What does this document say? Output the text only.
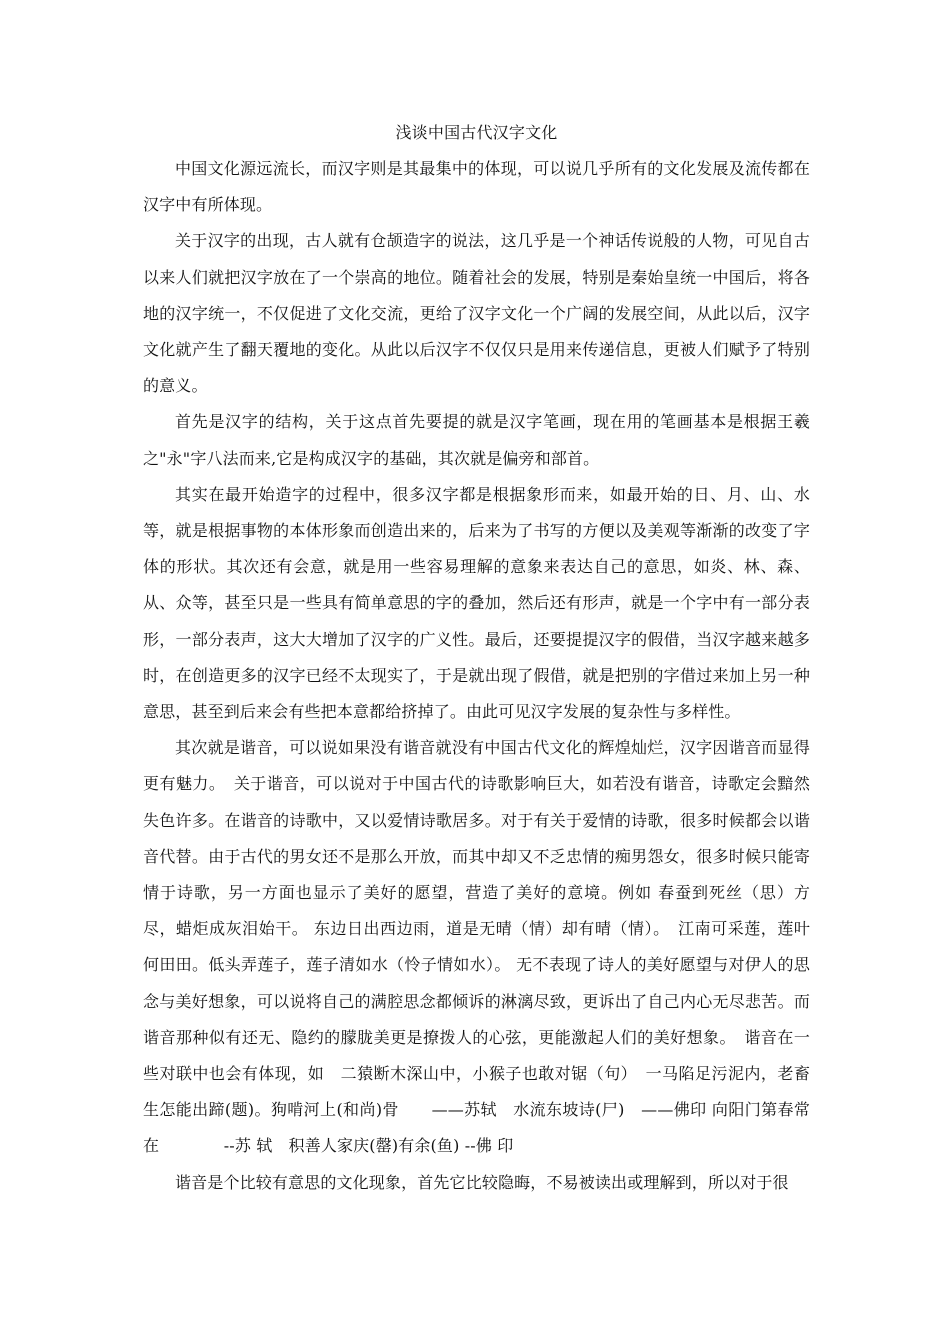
浅谈中国古代汉字文化

中国文化源远流长，而汉字则是其最集中的体现，可以说几乎所有的文化发展及流传都在汉字中有所体现。

关于汉字的出现，古人就有仓颉造字的说法，这几乎是一个神话传说般的人物，可见自古以来人们就把汉字放在了一个崇高的地位。随着社会的发展，特别是秦始皇统一中国后，将各地的汉字统一，不仅促进了文化交流，更给了汉字文化一个广阔的发展空间，从此以后，汉字文化就产生了翻天覆地的变化。从此以后汉字不仅仅只是用来传递信息，更被人们赋予了特别的意义。

首先是汉字的结构，关于这点首先要提的就是汉字笔画，现在用的笔画基本是根据王羲之"永"字八法而来,它是构成汉字的基础，其次就是偏旁和部首。

其实在最开始造字的过程中，很多汉字都是根据象形而来，如最开始的日、月、山、水等，就是根据事物的本体形象而创造出来的，后来为了书写的方便以及美观等渐渐的改变了字体的形状。其次还有会意，就是用一些容易理解的意象来表达自己的意思，如炎、林、森、从、众等，甚至只是一些具有简单意思的字的叠加，然后还有形声，就是一个字中有一部分表形，一部分表声，这大大增加了汉字的广义性。最后，还要提提汉字的假借，当汉字越来越多时，在创造更多的汉字已经不太现实了，于是就出现了假借，就是把别的字借过来加上另一种意思，甚至到后来会有些把本意都给挤掉了。由此可见汉字发展的复杂性与多样性。

其次就是谐音，可以说如果没有谐音就没有中国古代文化的辉煌灿烂，汉字因谐音而显得更有魅力。　关于谐音，可以说对于中国古代的诗歌影响巨大，如若没有谐音，诗歌定会黯然失色许多。在谐音的诗歌中，又以爱情诗歌居多。对于有关于爱情的诗歌，很多时候都会以谐音代替。由于古代的男女还不是那么开放，而其中却又不乏忠情的痴男怨女，很多时候只能寄情于诗歌，另一方面也显示了美好的愿望，营造了美好的意境。例如 春蚕到死丝（思）方尽，蜡炬成灰泪始干。 东边日出西边雨，道是无晴（情）却有晴（情）。　江南可采莲，莲叶何田田。低头弄莲子，莲子清如水（怜子情如水）。 无不表现了诗人的美好愿望与对伊人的思念与美好想象，可以说将自己的满腔思念都倾诉的淋漓尽致，更诉出了自己内心无尽悲苦。而谐音那种似有还无、隐约的朦胧美更是撩拨人的心弦，更能激起人们的美好想象。　谐音在一些对联中也会有体现，如　二猿断木深山中，小猴子也敢对锯（句）　一马陷足污泥内，老畜生怎能出蹄(题)。狗啃河上(和尚)骨　　——苏轼　水流东坡诗(尸)　——佛印 向阳门第春常在　　　　--苏 轼　积善人家庆(罄)有余(鱼) --佛 印

谐音是个比较有意思的文化现象，首先它比较隐晦，不易被读出或理解到，所以对于很
